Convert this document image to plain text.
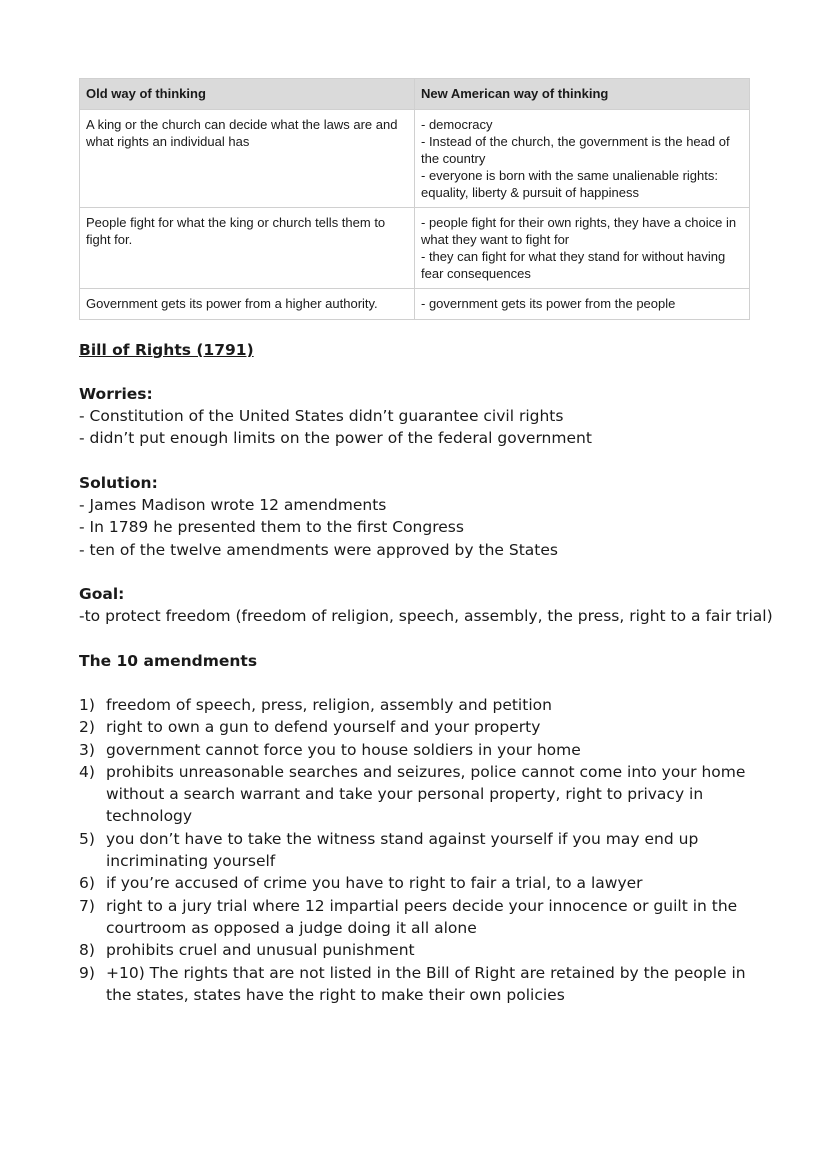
Old way of thinking	New American way of thinking

A king or the church can decide what the laws are and what rights an individual has	- democracy
- Instead of the church, the government is the head of the country
- everyone is born with the same unalienable rights: equality, liberty & pursuit of happiness

People fight for what the king or church tells them to fight for.	- people fight for their own rights, they have a choice in what they want to fight for
- they can fight for what they stand for without having fear consequences

Government gets its power from a higher authority.	- government gets its power from the people
Bill of Rights (1791)
Worries:
- Constitution of the United States didn’t guarantee civil rights
- didn’t put enough limits on the power of the federal government
Solution:
- James Madison wrote 12 amendments
- In 1789 he presented them to the first Congress
- ten of the twelve amendments were approved by the States
Goal:
-to protect freedom (freedom of religion, speech, assembly, the press, right to a fair trial)
The 10 amendments
1) freedom of speech, press, religion, assembly and petition
2) right to own a gun to defend yourself and your property
3) government cannot force you to house soldiers in your home
4) prohibits unreasonable searches and seizures, police cannot come into your home without a search warrant and take your personal property, right to privacy in technology
5) you don’t have to take the witness stand against yourself if you may end up incriminating yourself
6) if you’re accused of crime you have to right to fair a trial, to a lawyer
7) right to a jury trial where 12 impartial peers decide your innocence or guilt in the courtroom as opposed a judge doing it all alone
8) prohibits cruel and unusual punishment
9) +10) The rights that are not listed in the Bill of Right are retained by the people in the states, states have the right to make their own policies
